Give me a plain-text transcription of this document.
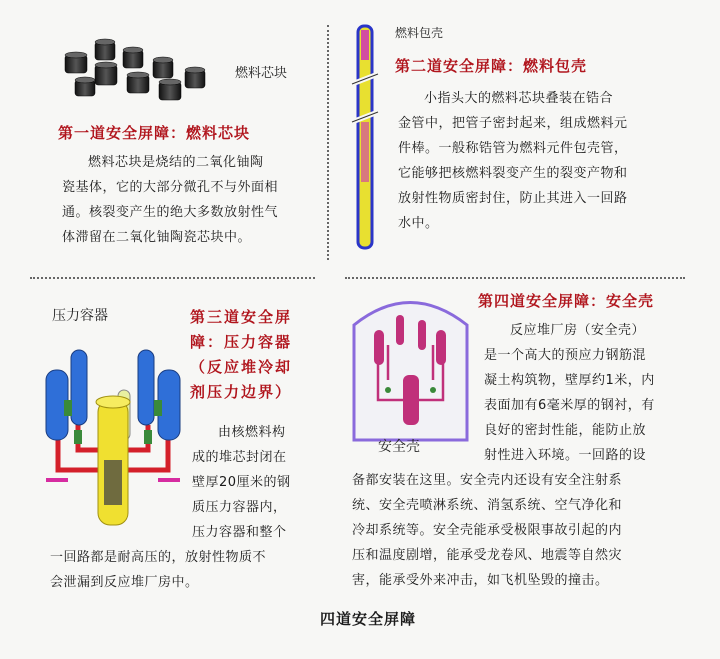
燃料芯块
第一道安全屏障：燃料芯块
燃料芯块是烧结的二氧化铀陶
瓷基体，它的大部分微孔不与外面相
通。核裂变产生的绝大多数放射性气
体滞留在二氧化铀陶瓷芯块中。
燃料包壳
第二道安全屏障：燃料包壳
小指头大的燃料芯块叠装在锆合
金管中，把管子密封起来，组成燃料元
件棒。一般称锆管为燃料元件包壳管，
它能够把核燃料裂变产生的裂变产物和
放射性物质密封住，防止其进入一回路
水中。
压力容器	第三道安全屏
障：压力容器
（反应堆冷却
剂压力边界）
由核燃料构
成的堆芯封闭在
壁厚20厘米的钢
质压力容器内，
压力容器和整个
一回路都是耐高压的，放射性物质不
会泄漏到反应堆厂房中。
安全壳
第四道安全屏障：安全壳
反应堆厂房（安全壳）
是一个高大的预应力钢筋混
凝土构筑物，壁厚约1米，内
表面加有6毫米厚的钢衬，有
良好的密封性能，能防止放
射性进入环境。一回路的设
备都安装在这里。安全壳内还设有安全注射系
统、安全壳喷淋系统、消氢系统、空气净化和
冷却系统等。安全壳能承受极限事故引起的内
压和温度剧增，能承受龙卷风、地震等自然灾
害，能承受外来冲击，如飞机坠毁的撞击。
四道安全屏障
